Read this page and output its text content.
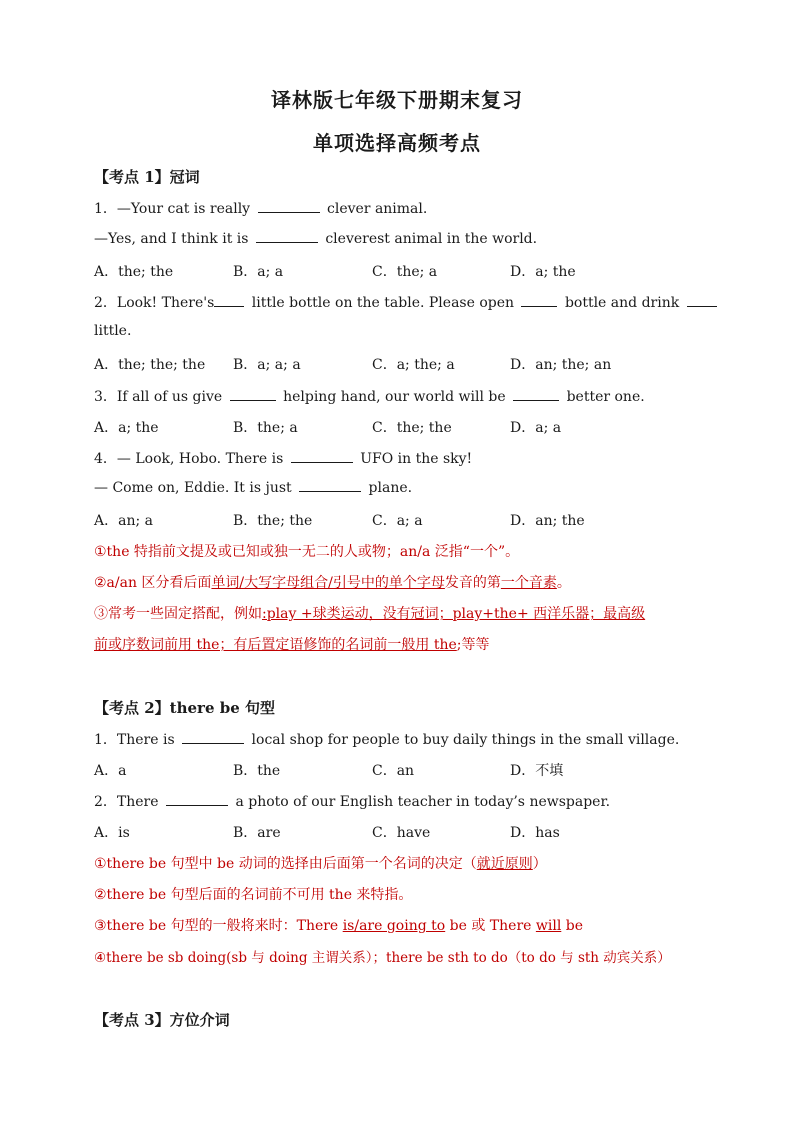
译林版七年级下册期末复习
单项选择高频考点
【考点 1】冠词
1．—Your cat is really	clever animal.
—Yes, and I think it is	cleverest animal in the world.
A．the; the	B．a; a	C．the; a	D．a; the
2．Look! There's	little bottle on the table. Please open	bottle and drink
little.
A．the; the; the B．a; a; a	C．a; the; a	D．an; the; an
3．If all of us give	helping hand, our world will be	better one.
A．a; the	B．the; a	C．the; the	D．a; a
4．— Look, Hobo. There is	UFO in the sky!
— Come on, Eddie. It is just	plane.
A．an; a	B．the; the	C．a; a	D．an; the
①the 特指前文提及或已知或独一无二的人或物；an/a 泛指“一个”。
②a/an 区分看后面单词/大写字母组合/引号中的单个字母发音的第一个音素。
③常考一些固定搭配，例如:play +球类运动，没有冠词；play+the+ 西洋乐器；最高级
前或序数词前用 the；有后置定语修饰的名词前一般用 the;等等
【考点 2】there be 句型
1．There is	local shop for people to buy daily things in the small village.
A．a	B．the	C．an	D．不填
2．There	a photo of our English teacher in today’s newspaper.
A．is	B．are	C．have	D．has
①there be 句型中 be 动词的选择由后面第一个名词的决定（就近原则）
②there be 句型后面的名词前不可用 the 来特指。
③there be 句型的一般将来时：There is/are going to be 或 There will be
④there be sb doing(sb 与 doing 主谓关系）；there be sth to do（to do 与 sth 动宾关系）
【考点 3】方位介词
